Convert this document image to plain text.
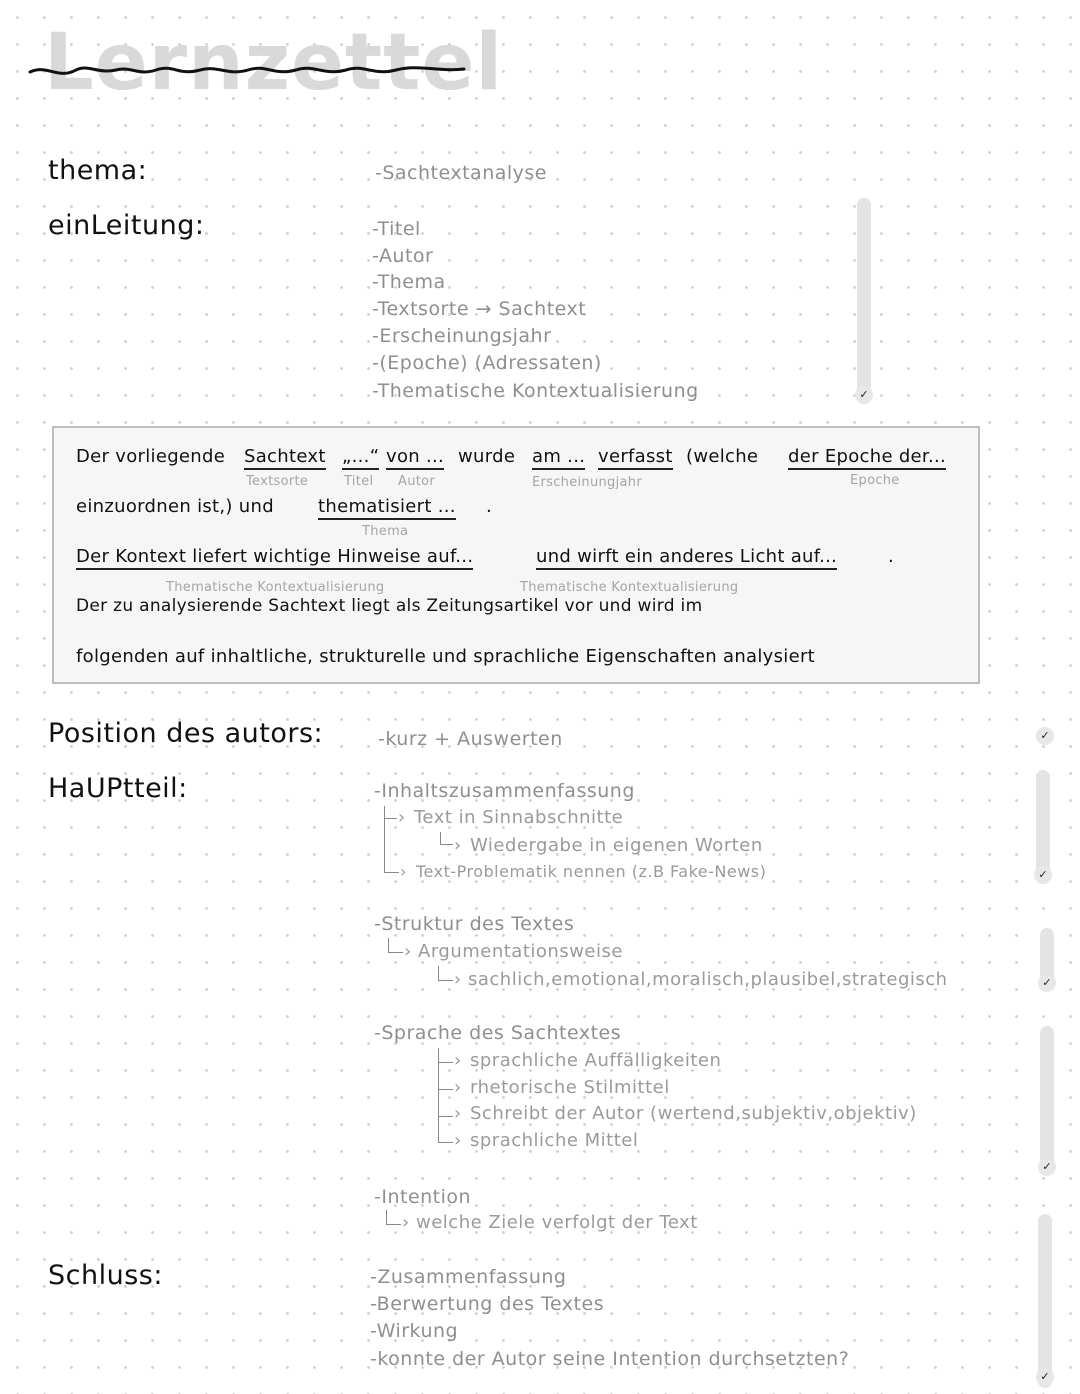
Lernzettel
thema:	-Sachtextanalyse
einLeitung:	-Titel
-Autor
-Thema
-Textsorte → Sachtext
-Erscheinungsjahr
-(Epoche) (Adressaten)
-Thematische Kontextualisierung	✓
Der vorliegende Sachtext „...“ von ... wurde am ... verfasst (welche der Epoche der...
Textsorte	Titel Autor	Erscheinungjahr	Epoche
einzuordnen ist,) und thematisiert ... .
Thema
Der Kontext liefert wichtige Hinweise auf...	und wirft ein anderes Licht auf...	.
Thematische Kontextualisierung	Thematische Kontextualisierung
Der zu analysierende Sachtext liegt als Zeitungsartikel vor und wird im
folgenden auf inhaltliche, strukturelle und sprachliche Eigenschaften analysiert
Position des autors:	-kurz + Auswerten	✓
HaUPtteil:	-Inhaltszusammenfassung
› Text in Sinnabschnitte
› Wiedergabe in eigenen Worten
› Text-Problematik nennen (z.B Fake-News)	✓
-Struktur des Textes
› Argumentationsweise
› sachlich,emotional,moralisch,plausibel,strategisch	✓
-Sprache des Sachtextes
› sprachliche Auffälligkeiten
› rhetorische Stilmittel
› Schreibt der Autor (wertend,subjektiv,objektiv)
› sprachliche Mittel
✓
-Intention
› welche Ziele verfolgt der Text
Schluss:	-Zusammenfassung
-Berwertung des Textes
-Wirkung
-konnte der Autor seine Intention durchsetzten?
✓
